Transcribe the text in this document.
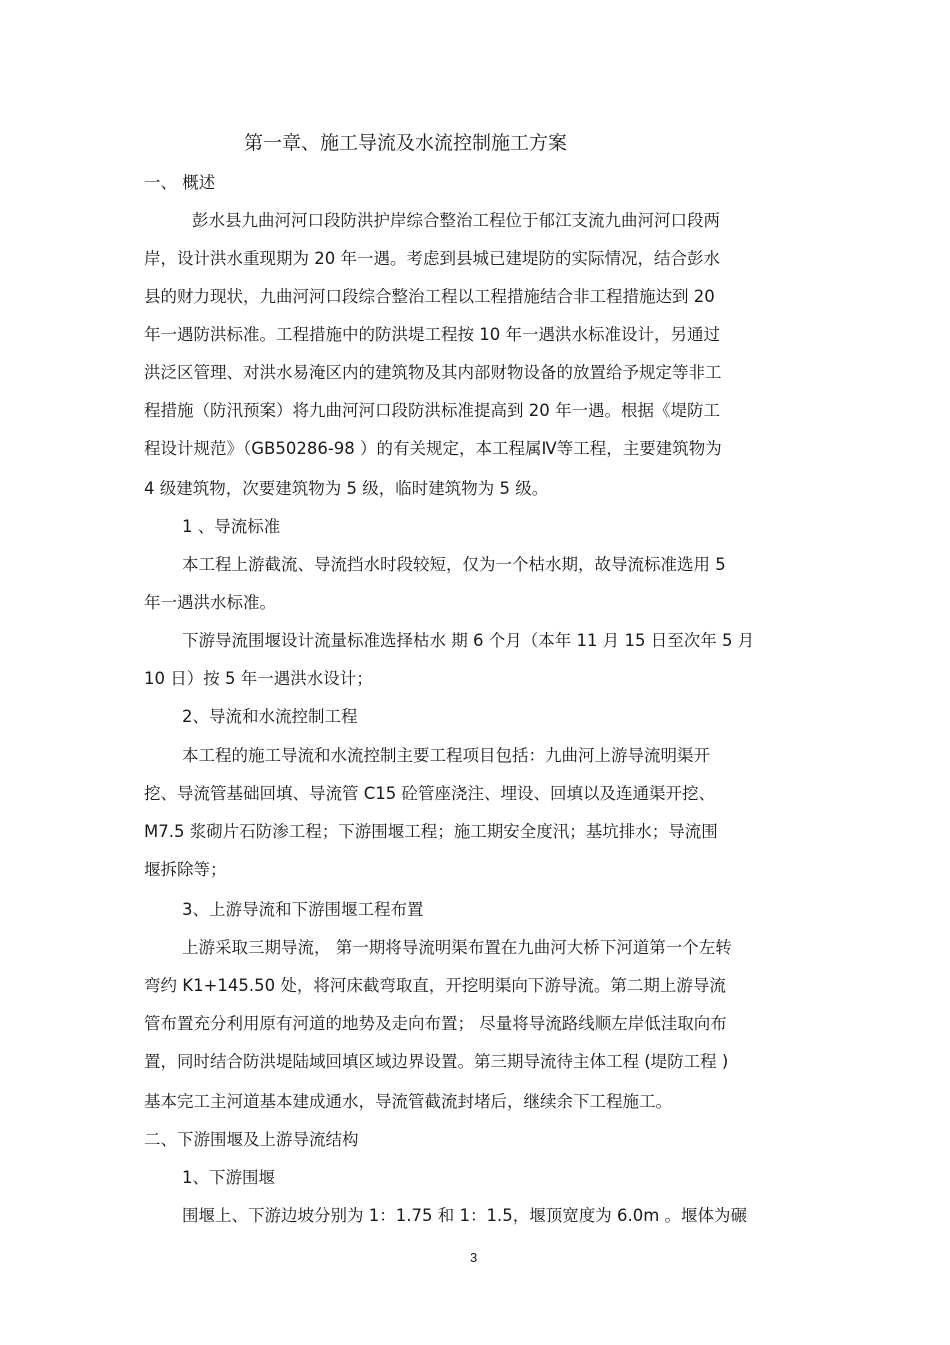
第一章、施工导流及水流控制施工方案
一、 概述
彭水县九曲河河口段防洪护岸综合整治工程位于郁江支流九曲河河口段两
岸，设计洪水重现期为 20 年一遇。考虑到县城已建堤防的实际情况，结合彭水
县的财力现状，九曲河河口段综合整治工程以工程措施结合非工程措施达到 20
年一遇防洪标准。工程措施中的防洪堤工程按 10 年一遇洪水标准设计，另通过
洪泛区管理、对洪水易淹区内的建筑物及其内部财物设备的放置给予规定等非工
程措施（防汛预案）将九曲河河口段防洪标准提高到 20 年一遇。根据《堤防工
程设计规范》（GB50286-98 ）的有关规定，本工程属Ⅳ等工程，主要建筑物为
4 级建筑物，次要建筑物为 5 级，临时建筑物为 5 级。
1 、导流标准
本工程上游截流、导流挡水时段较短，仅为一个枯水期，故导流标准选用 5
年一遇洪水标准。
下游导流围堰设计流量标准选择枯水 期 6 个月（本年 11 月 15 日至次年 5 月
10 日）按 5 年一遇洪水设计；
2、导流和水流控制工程
本工程的施工导流和水流控制主要工程项目包括：九曲河上游导流明渠开
挖、导流管基础回填、导流管 C15 砼管座浇注、埋设、回填以及连通渠开挖、
M7.5 浆砌片石防渗工程；下游围堰工程；施工期安全度汛；基坑排水；导流围
堰拆除等；
3、上游导流和下游围堰工程布置
上游采取三期导流， 第一期将导流明渠布置在九曲河大桥下河道第一个左转
弯约 K1+145.50 处，将河床截弯取直，开挖明渠向下游导流。第二期上游导流
管布置充分利用原有河道的地势及走向布置； 尽量将导流路线顺左岸低洼取向布
置，同时结合防洪堤陆域回填区域边界设置。第三期导流待主体工程 (堤防工程 )
基本完工主河道基本建成通水，导流管截流封堵后，继续余下工程施工。
二、下游围堰及上游导流结构
1、下游围堰
围堰上、下游边坡分别为 1：1.75 和 1：1.5，堰顶宽度为 6.0m 。堰体为碾
3
